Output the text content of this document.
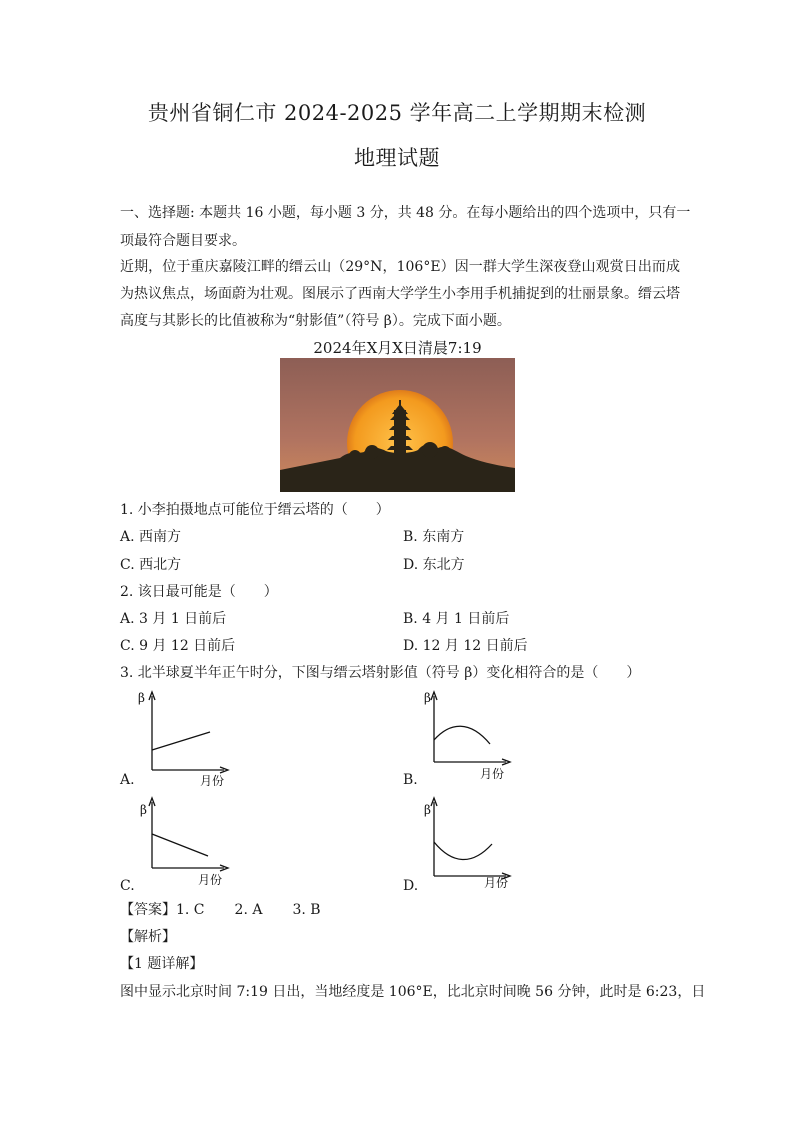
贵州省铜仁市 2024-2025 学年高二上学期期末检测
地理试题
一、选择题: 本题共 16 小题，每小题 3 分，共 48 分。在每小题给出的四个选项中，只有一
项最符合题目要求。
近期，位于重庆嘉陵江畔的缙云山（29°N，106°E）因一群大学生深夜登山观赏日出而成为热议焦点，场面蔚为壮观。图展示了西南大学学生小李用手机捕捉到的壮丽景象。缙云塔高度与其影长的比值被称为“射影值”（符号 β）。完成下面小题。
2024年X月X日清晨7:19
1. 小李拍摄地点可能位于缙云塔的（　　）
A. 西南方	B. 东南方
C. 西北方	D. 东北方
2. 该日最可能是（　　）
A. 3 月 1 日前后	B. 4 月 1 日前后
C. 9 月 12 日前后	D. 12 月 12 日前后
3. 北半球夏半年正午时分，下图与缙云塔射影值（符号 β）变化相符合的是（　　）
A.
β
月份	B.
β
月份
C.
β
月份	D.
β
月份
【答案】1. C 2. A 3. B
【解析】
【1 题详解】
图中显示北京时间 7:19 日出，当地经度是 106°E，比北京时间晚 56 分钟，此时是 6:23，日
